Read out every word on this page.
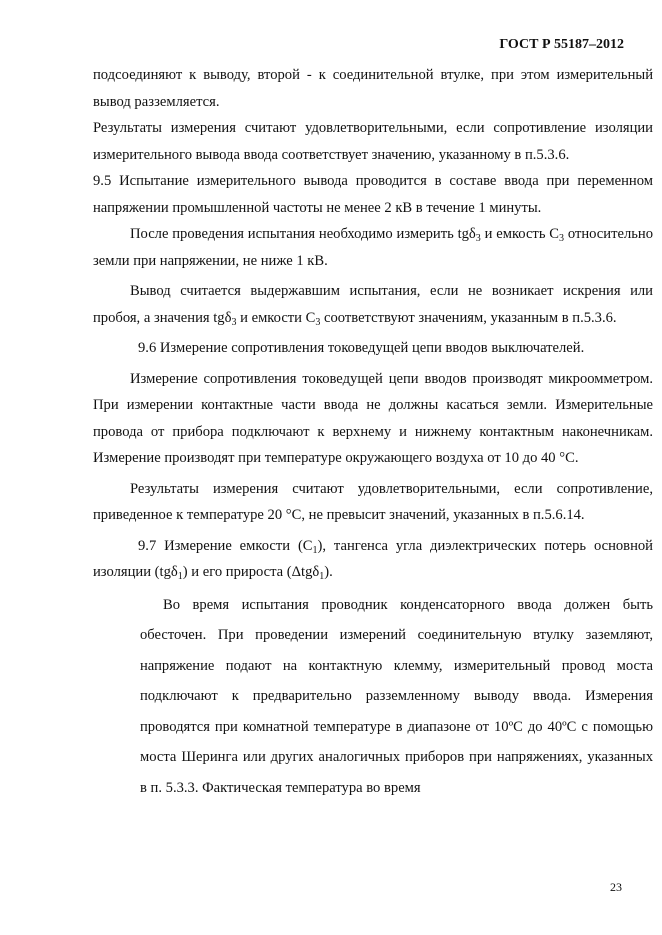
ГОСТ Р 55187–2012

подсоединяют к выводу, второй - к соединительной втулке, при этом измерительный вывод разземляется.

Результаты измерения считают удовлетворительными, если сопротивление изоляции измерительного вывода ввода соответствует значению, указанному в п.5.3.6.

9.5 Испытание измерительного вывода проводится в составе ввода при переменном напряжении промышленной частоты не менее 2 кВ в течение 1 минуты.

После проведения испытания необходимо измерить tgδ$_3$ и емкость $С_3$ относительно земли при напряжении, не ниже 1 кВ.

Вывод считается выдержавшим испытания, если не возникает искрения или пробоя, а значения tgδ$_3$ и емкости $С_3$ соответствуют значениям, указанным в п.5.3.6.

9.6 Измерение сопротивления токоведущей цепи вводов выключателей.

Измерение сопротивления токоведущей цепи вводов производят микроомметром. При измерении контактные части ввода не должны касаться земли. Измерительные провода от прибора подключают к верхнему и нижнему контактным наконечникам. Измерение производят при температуре окружающего воздуха от 10 до 40 °С.

Результаты измерения считают удовлетворительными, если сопротивление, приведенное к температуре 20 °С, не превысит значений, указанных в п.5.6.14.

9.7 Измерение емкости $(С_1)$, тангенса угла диэлектрических потерь основной изоляции (tgδ$_1$) и его прироста (Δtgδ$_1$).

Во время испытания проводник конденсаторного ввода должен быть обесточен. При проведении измерений соединительную втулку заземляют, напряжение подают на контактную клемму, измерительный провод моста подключают к предварительно разземленному выводу ввода. Измерения проводятся при комнатной температуре в диапазоне от 10ºС до 40ºС с помощью моста Шеринга или других аналогичных приборов при напряжениях, указанных в п. 5.3.3. Фактическая температура во время

23
